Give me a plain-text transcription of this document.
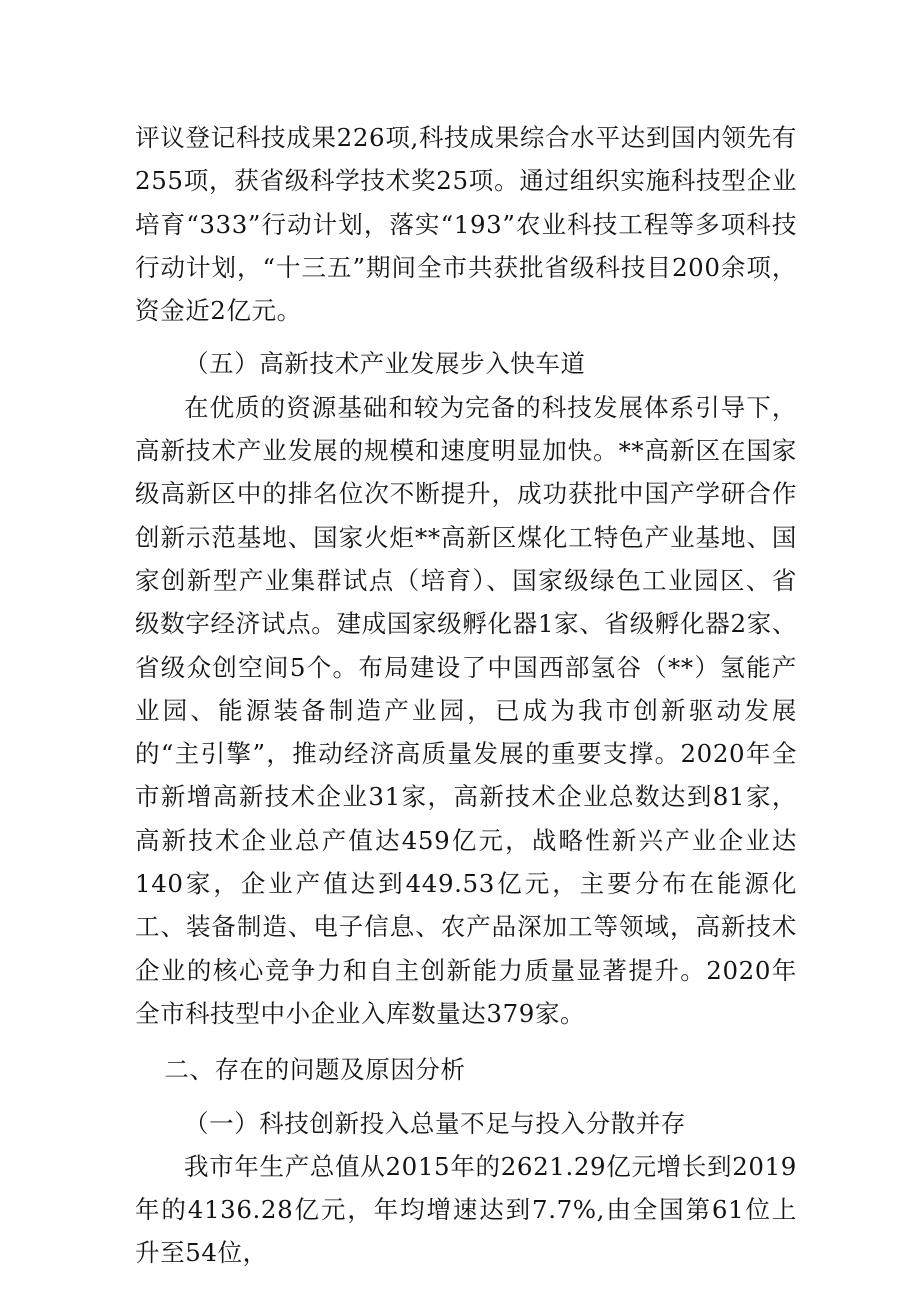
评议登记科技成果226项,科技成果综合水平达到国内领先有255项，获省级科学技术奖25项。通过组织实施科技型企业培育“333”行动计划，落实“193”农业科技工程等多项科技行动计划，“十三五”期间全市共获批省级科技目200余项，资金近2亿元。

（五）高新技术产业发展步入快车道

在优质的资源基础和较为完备的科技发展体系引导下，高新技术产业发展的规模和速度明显加快。**高新区在国家级高新区中的排名位次不断提升，成功获批中国产学研合作创新示范基地、国家火炬**高新区煤化工特色产业基地、国家创新型产业集群试点（培育）、国家级绿色工业园区、省级数字经济试点。建成国家级孵化器1家、省级孵化器2家、省级众创空间5个。布局建设了中国西部氢谷（**）氢能产业园、能源装备制造产业园，已成为我市创新驱动发展的“主引擎”，推动经济高质量发展的重要支撑。2020年全市新增高新技术企业31家，高新技术企业总数达到81家，高新技术企业总产值达459亿元，战略性新兴产业企业达140家，企业产值达到449.53亿元，主要分布在能源化工、装备制造、电子信息、农产品深加工等领域，高新技术企业的核心竞争力和自主创新能力质量显著提升。2020年全市科技型中小企业入库数量达379家。

二、存在的问题及原因分析

（一）科技创新投入总量不足与投入分散并存

我市年生产总值从2015年的2621.29亿元增长到2019年的4136.28亿元，年均增速达到7.7%,由全国第61位上升至54位，
